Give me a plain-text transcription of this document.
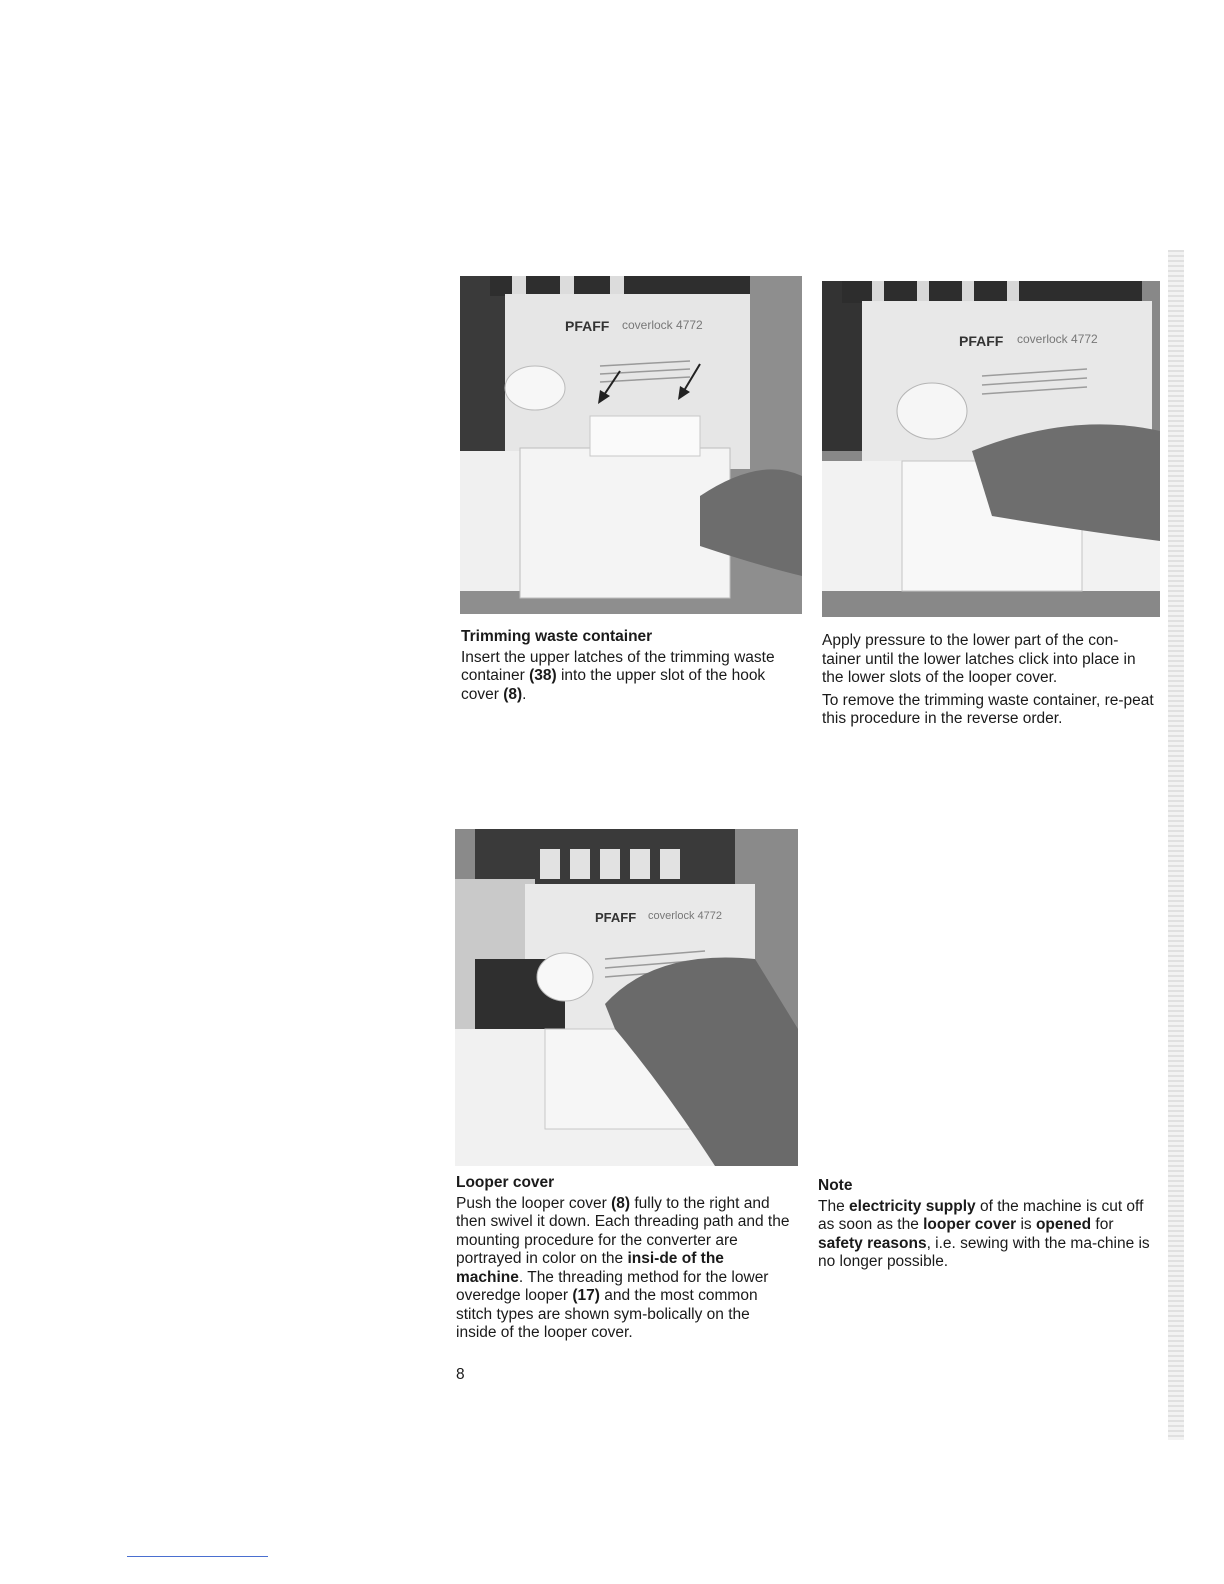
PFAFF coverlock 4772
PFAFF coverlock 4772
PFAFF coverlock 4772
Trimming waste container

Insert the upper latches of the trimming waste container (38) into the upper slot of the hook cover (8).

Apply pressure to the lower part of the con-tainer until the lower latches click into place in the lower slots of the looper cover.

To remove the trimming waste container, re-peat this procedure in the reverse order.

Looper cover

Push the looper cover (8) fully to the right and then swivel it down. Each threading path and the mounting procedure for the converter are portrayed in color on the insi-de of the machine. The threading method for the lower overedge looper (17) and the most common stitch types are shown sym-bolically on the inside of the looper cover.

Note

The electricity supply of the machine is cut off as soon as the looper cover is opened for safety reasons, i.e. sewing with the ma-chine is no longer possible.

8
